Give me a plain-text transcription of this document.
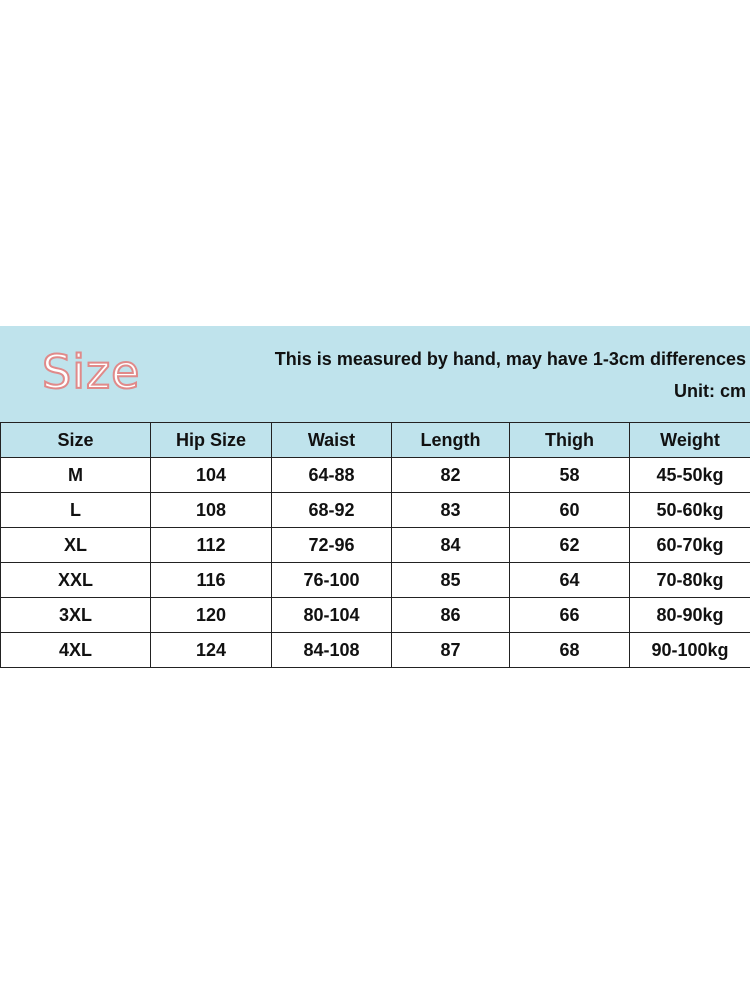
Size	This is measured by hand, may have 1-3cm differences
Unit: cm
Size	Hip Size	Waist	Length	Thigh	Weight
M	104	64-88	82	58	45-50kg
L	108	68-92	83	60	50-60kg
XL	112	72-96	84	62	60-70kg
XXL	116	76-100	85	64	70-80kg
3XL	120	80-104	86	66	80-90kg
4XL	124	84-108	87	68	90-100kg
